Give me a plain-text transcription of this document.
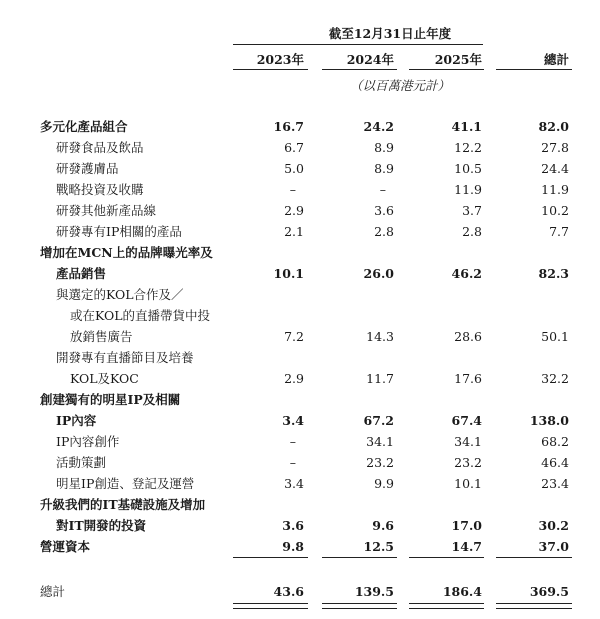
截至12月31日止年度
2023年	2024年	2025年	總計
（以百萬港元計）
多元化產品組合	16.7	24.2	41.1	82.0
研發食品及飲品	6.7	8.9	12.2	27.8
研發護膚品	5.0	8.9	10.5	24.4
戰略投資及收購	–	–	11.9	11.9
研發其他新產品線	2.9	3.6	3.7	10.2
研發專有IP相關的產品	2.1	2.8	2.8	7.7
增加在MCN上的品牌曝光率及
產品銷售	10.1	26.0	46.2	82.3
與選定的KOL合作及／
或在KOL的直播帶貨中投
放銷售廣告	7.2	14.3	28.6	50.1
開發專有直播節目及培養
KOL及KOC	2.9	11.7	17.6	32.2
創建獨有的明星IP及相關
IP內容	3.4	67.2	67.4	138.0
IP內容創作	–	34.1	34.1	68.2
活動策劃	–	23.2	23.2	46.4
明星IP創造、登記及運營	3.4	9.9	10.1	23.4
升級我們的IT基礎設施及增加
對IT開發的投資	3.6	9.6	17.0	30.2
營運資本	9.8	12.5	14.7	37.0
總計	43.6	139.5	186.4	369.5
